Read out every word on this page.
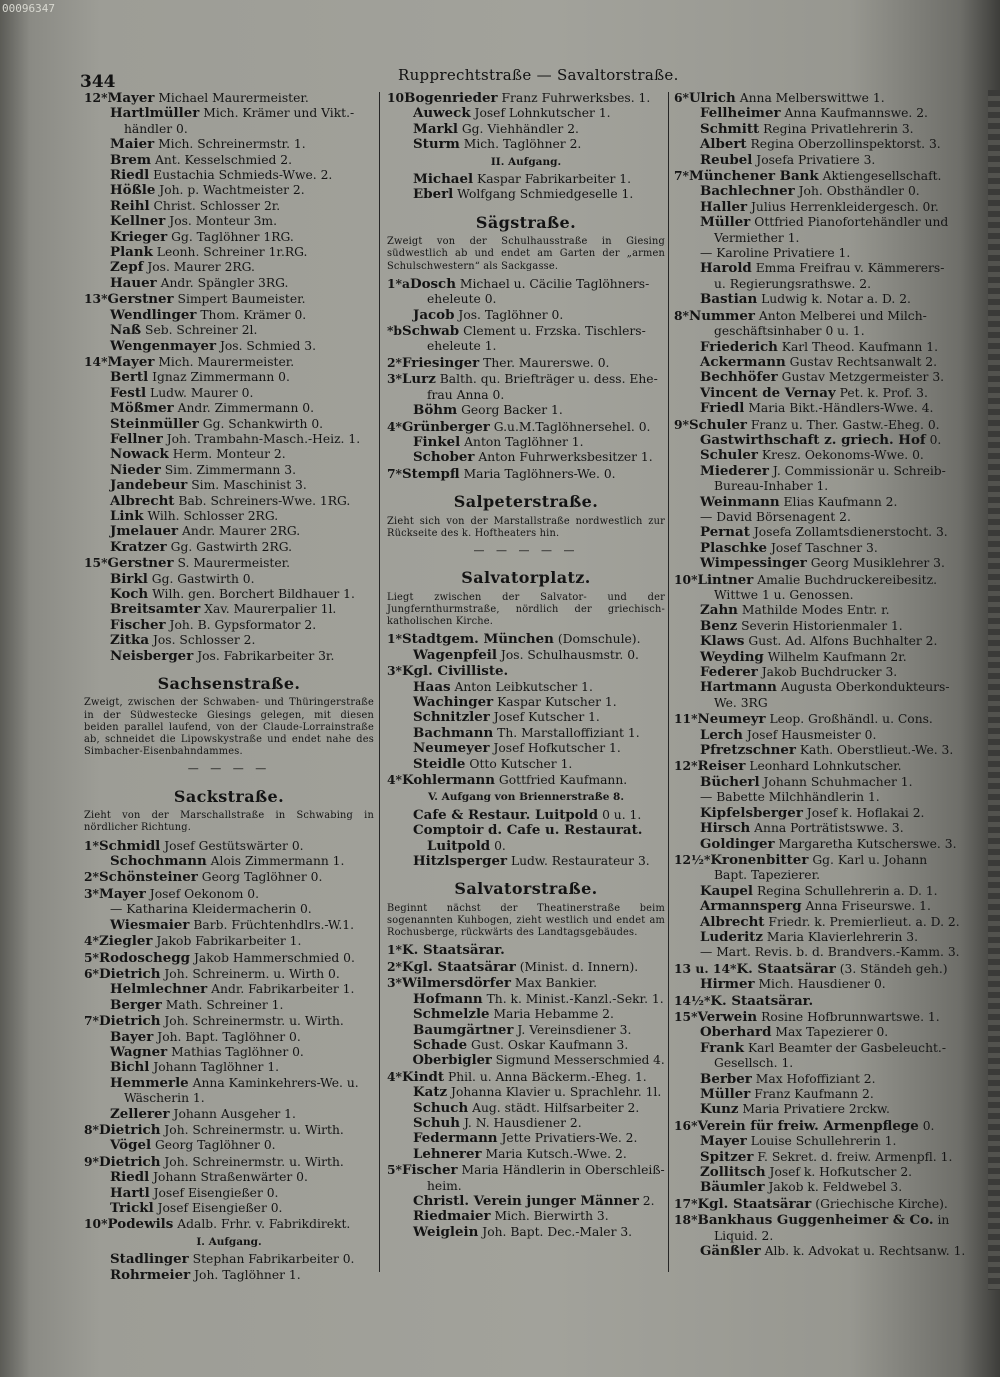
00096347
344	Rupprechtstraße — Savaltorstraße.
12*Mayer Michael Maurermeister.
Hartlmüller Mich. Krämer und Vikt.-
händler 0.
Maier Mich. Schreinermstr. 1.
Brem Ant. Kesselschmied 2.
Riedl Eustachia Schmieds-Wwe. 2.
Hößle Joh. p. Wachtmeister 2.
Reihl Christ. Schlosser 2r.
Kellner Jos. Monteur 3m.
Krieger Gg. Taglöhner 1RG.
Plank Leonh. Schreiner 1r.RG.
Zepf Jos. Maurer 2RG.
Hauer Andr. Spängler 3RG.
13*Gerstner Simpert Baumeister.
Wendlinger Thom. Krämer 0.
Naß Seb. Schreiner 2l.
Wengenmayer Jos. Schmied 3.
14*Mayer Mich. Maurermeister.
Bertl Ignaz Zimmermann 0.
Festl Ludw. Maurer 0.
Mößmer Andr. Zimmermann 0.
Steinmüller Gg. Schankwirth 0.
Fellner Joh. Trambahn-Masch.-Heiz. 1.
Nowack Herm. Monteur 2.
Nieder Sim. Zimmermann 3.
Jandebeur Sim. Maschinist 3.
Albrecht Bab. Schreiners-Wwe. 1RG.
Link Wilh. Schlosser 2RG.
Jmelauer Andr. Maurer 2RG.
Kratzer Gg. Gastwirth 2RG.
15*Gerstner S. Maurermeister.
Birkl Gg. Gastwirth 0.
Koch Wilh. gen. Borchert Bildhauer 1.
Breitsamter Xav. Maurerpalier 1l.
Fischer Joh. B. Gypsformator 2.
Zitka Jos. Schlosser 2.
Neisberger Jos. Fabrikarbeiter 3r.
Sachsenstraße.
Zweigt, zwischen der Schwaben- und Thüringerstraße in der Südwestecke Giesings gelegen, mit diesen beiden parallel laufend, von der Claude-Lorrainstraße ab, schneidet die Lipowskystraße und endet nahe des Simbacher-Eisenbahndammes.
— — — —
Sackstraße.
Zieht von der Marschallstraße in Schwabing in nördlicher Richtung.
1*Schmidl Josef Gestütswärter 0.
Schochmann Alois Zimmermann 1.
2*Schönsteiner Georg Taglöhner 0.
3*Mayer Josef Oekonom 0.
— Katharina Kleidermacherin 0.
Wiesmaier Barb. Früchtenhdlrs.-W.1.
4*Ziegler Jakob Fabrikarbeiter 1.
5*Rodoschegg Jakob Hammerschmied 0.
6*Dietrich Joh. Schreinerm. u. Wirth 0.
Helmlechner Andr. Fabrikarbeiter 1.
Berger Math. Schreiner 1.
7*Dietrich Joh. Schreinermstr. u. Wirth.
Bayer Joh. Bapt. Taglöhner 0.
Wagner Mathias Taglöhner 0.
Bichl Johann Taglöhner 1.
Hemmerle Anna Kaminkehrers-We. u.
Wäscherin 1.
Zellerer Johann Ausgeher 1.
8*Dietrich Joh. Schreinermstr. u. Wirth.
Vögel Georg Taglöhner 0.
9*Dietrich Joh. Schreinermstr. u. Wirth.
Riedl Johann Straßenwärter 0.
Hartl Josef Eisengießer 0.
Trickl Josef Eisengießer 0.
10*Podewils Adalb. Frhr. v. Fabrikdirekt.
I. Aufgang.
Stadlinger Stephan Fabrikarbeiter 0.
Rohrmeier Joh. Taglöhner 1.
10Bogenrieder Franz Fuhrwerksbes. 1.
Auweck Josef Lohnkutscher 1.
Markl Gg. Viehhändler 2.
Sturm Mich. Taglöhner 2.
II. Aufgang.
Michael Kaspar Fabrikarbeiter 1.
Eberl Wolfgang Schmiedgeselle 1.
Sägstraße.
Zweigt von der Schulhausstraße in Giesing südwestlich ab und endet am Garten der „armen Schulschwestern“ als Sackgasse.
1*aDosch Michael u. Cäcilie Taglöhners-
eheleute 0.
Jacob Jos. Taglöhner 0.
*bSchwab Clement u. Frzska. Tischlers-
eheleute 1.
2*Friesinger Ther. Maurerswe. 0.
3*Lurz Balth. qu. Briefträger u. dess. Ehe-
frau Anna 0.
Böhm Georg Backer 1.
4*Grünberger G.u.M.Taglöhnersehel. 0.
Finkel Anton Taglöhner 1.
Schober Anton Fuhrwerksbesitzer 1.
7*Stempfl Maria Taglöhners-We. 0.
Salpeterstraße.
Zieht sich von der Marstallstraße nordwestlich zur Rückseite des k. Hoftheaters hin.
— — — — —
Salvatorplatz.
Liegt zwischen der Salvator- und der Jungfernthurmstraße, nördlich der griechisch-katholischen Kirche.
1*Stadtgem. München (Domschule).
Wagenpfeil Jos. Schulhausmstr. 0.
3*Kgl. Civilliste.
Haas Anton Leibkutscher 1.
Wachinger Kaspar Kutscher 1.
Schnitzler Josef Kutscher 1.
Bachmann Th. Marstalloffiziant 1.
Neumeyer Josef Hofkutscher 1.
Steidle Otto Kutscher 1.
4*Kohlermann Gottfried Kaufmann.
V. Aufgang von Briennerstraße 8.
Cafe & Restaur. Luitpold 0 u. 1.
Comptoir d. Cafe u. Restaurat.
Luitpold 0.
Hitzlsperger Ludw. Restaurateur 3.
Salvatorstraße.
Beginnt nächst der Theatinerstraße beim sogenannten Kuhbogen, zieht westlich und endet am Rochusberge, rückwärts des Landtagsgebäudes.
1*K. Staatsärar.
2*Kgl. Staatsärar (Minist. d. Innern).
3*Wilmersdörfer Max Bankier.
Hofmann Th. k. Minist.-Kanzl.-Sekr. 1.
Schmelzle Maria Hebamme 2.
Baumgärtner J. Vereinsdiener 3.
Schade Gust. Oskar Kaufmann 3.
Oberbigler Sigmund Messerschmied 4.
4*Kindt Phil. u. Anna Bäckerm.-Eheg. 1.
Katz Johanna Klavier u. Sprachlehr. 1l.
Schuch Aug. städt. Hilfsarbeiter 2.
Schuh J. N. Hausdiener 2.
Federmann Jette Privatiers-We. 2.
Lehnerer Maria Kutsch.-Wwe. 2.
5*Fischer Maria Händlerin in Oberschleiß-
heim.
Christl. Verein junger Männer 2.
Riedmaier Mich. Bierwirth 3.
Weiglein Joh. Bapt. Dec.-Maler 3.
6*Ulrich Anna Melberswittwe 1.
Fellheimer Anna Kaufmannswe. 2.
Schmitt Regina Privatlehrerin 3.
Albert Regina Oberzollinspektorst. 3.
Reubel Josefa Privatiere 3.
7*Münchener Bank Aktiengesellschaft.
Bachlechner Joh. Obsthändler 0.
Haller Julius Herrenkleidergesch. 0r.
Müller Ottfried Pianofortehändler und
Vermiether 1.
— Karoline Privatiere 1.
Harold Emma Freifrau v. Kämmerers-
u. Regierungsrathswe. 2.
Bastian Ludwig k. Notar a. D. 2.
8*Nummer Anton Melberei und Milch-
geschäftsinhaber 0 u. 1.
Friederich Karl Theod. Kaufmann 1.
Ackermann Gustav Rechtsanwalt 2.
Bechhöfer Gustav Metzgermeister 3.
Vincent de Vernay Pet. k. Prof. 3.
Friedl Maria Bikt.-Händlers-Wwe. 4.
9*Schuler Franz u. Ther. Gastw.-Eheg. 0.
Gastwirthschaft z. griech. Hof 0.
Schuler Kresz. Oekonoms-Wwe. 0.
Miederer J. Commissionär u. Schreib-
Bureau-Inhaber 1.
Weinmann Elias Kaufmann 2.
— David Börsenagent 2.
Pernat Josefa Zollamtsdienerstocht. 3.
Plaschke Josef Taschner 3.
Wimpessinger Georg Musiklehrer 3.
10*Lintner Amalie Buchdruckereibesitz.
Wittwe 1 u. Genossen.
Zahn Mathilde Modes Entr. r.
Benz Severin Historienmaler 1.
Klaws Gust. Ad. Alfons Buchhalter 2.
Weyding Wilhelm Kaufmann 2r.
Federer Jakob Buchdrucker 3.
Hartmann Augusta Oberkondukteurs-
We. 3RG
11*Neumeyr Leop. Großhändl. u. Cons.
Lerch Josef Hausmeister 0.
Pfretzschner Kath. Oberstlieut.-We. 3.
12*Reiser Leonhard Lohnkutscher.
Bücherl Johann Schuhmacher 1.
— Babette Milchhändlerin 1.
Kipfelsberger Josef k. Hoflakai 2.
Hirsch Anna Porträtistswwe. 3.
Goldinger Margaretha Kutscherswe. 3.
12½*Kronenbitter Gg. Karl u. Johann
Bapt. Tapezierer.
Kaupel Regina Schullehrerin a. D. 1.
Armannsperg Anna Friseurswe. 1.
Albrecht Friedr. k. Premierlieut. a. D. 2.
Luderitz Maria Klavierlehrerin 3.
— Mart. Revis. b. d. Brandvers.-Kamm. 3.
13 u. 14*K. Staatsärar (3. Ständeh geh.)
Hirmer Mich. Hausdiener 0.
14½*K. Staatsärar.
15*Verwein Rosine Hofbrunnwartswe. 1.
Oberhard Max Tapezierer 0.
Frank Karl Beamter der Gasbeleucht.-
Gesellsch. 1.
Berber Max Hofoffiziant 2.
Müller Franz Kaufmann 2.
Kunz Maria Privatiere 2rckw.
16*Verein für freiw. Armenpflege 0.
Mayer Louise Schullehrerin 1.
Spitzer F. Sekret. d. freiw. Armenpfl. 1.
Zollitsch Josef k. Hofkutscher 2.
Bäumler Jakob k. Feldwebel 3.
17*Kgl. Staatsärar (Griechische Kirche).
18*Bankhaus Guggenheimer & Co. in
Liquid. 2.
Gänßler Alb. k. Advokat u. Rechtsanw. 1.
